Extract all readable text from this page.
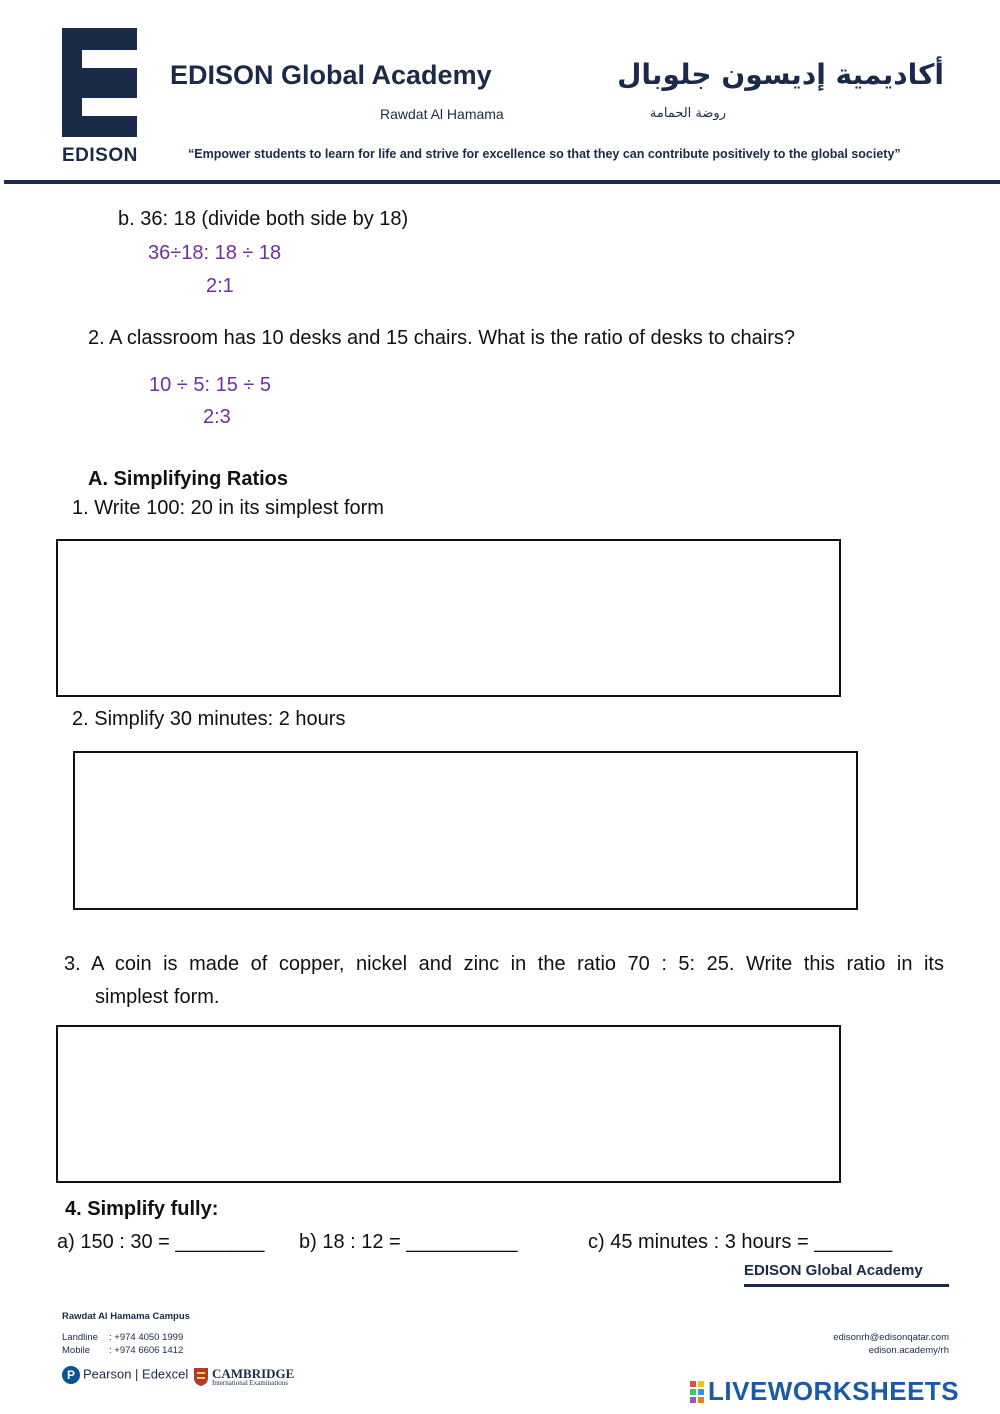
EDISON
EDISON Global Academy
Rawdat Al Hamama
أكاديمية إديسون جلوبال
روضة الحمامة
“Empower students to learn for life and strive for excellence so that they can contribute positively to the global society”
b. 36: 18 (divide both side by 18)
36÷18: 18 ÷ 18
2:1
2. A classroom has 10 desks and 15 chairs. What is the ratio of desks to chairs?
10 ÷ 5: 15 ÷ 5
2:3
A. Simplifying Ratios
1. Write 100: 20 in its simplest form
2. Simplify 30 minutes: 2 hours
3. A coin is made of copper, nickel and zinc in the ratio 70 : 5: 25. Write this ratio in its
simplest form.
4. Simplify fully:
a) 150 : 30 = ________ b) 18 : 12 = __________	c) 45 minutes : 3 hours = _______
EDISON Global Academy
Rawdat Al Hamama Campus
Landline : +974 4050 1999
Mobile : +974 6606 1412
edisonrh@edisonqatar.com
edison.academy/rh
P Pearson | Edexcel CAMBRIDGE
International Examinations	LIVEWORKSHEETS
